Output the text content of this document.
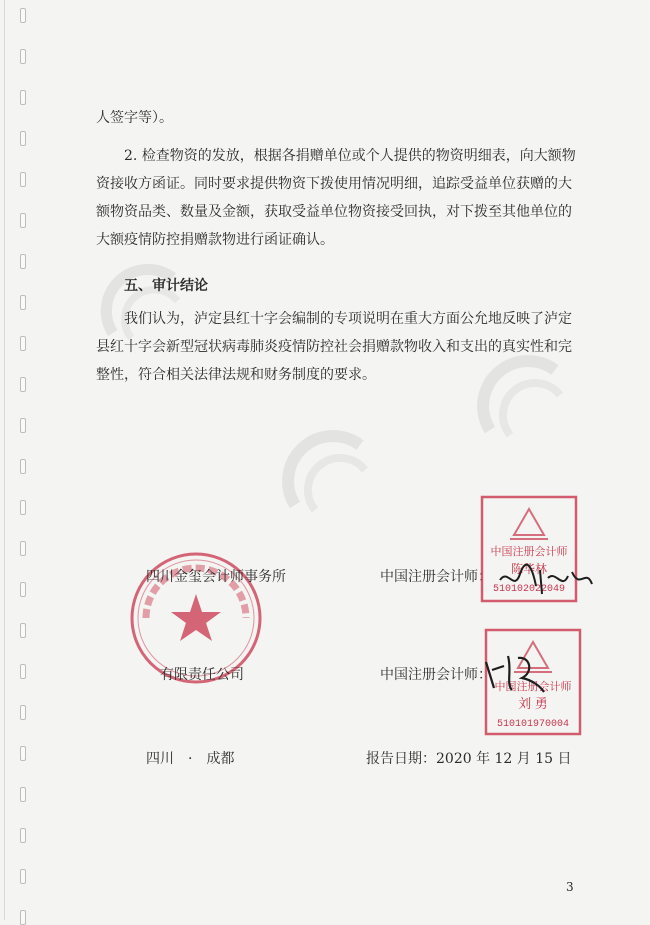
人签字等）。

2. 检查物资的发放，根据各捐赠单位或个人提供的物资明细表，向大额物资接收方函证。同时要求提供物资下拨使用情况明细，追踪受益单位获赠的大额物资品类、数量及金额，获取受益单位物资接受回执，对下拨至其他单位的大额疫情防控捐赠款物进行函证确认。

五、审计结论

我们认为，泸定县红十字会编制的专项说明在重大方面公允地反映了泸定县红十字会新型冠状病毒肺炎疫情防控社会捐赠款物收入和支出的真实性和完整性，符合相关法律法规和财务制度的要求。

四川金玺会计师事务所
有限责任公司
中国注册会计师：
中国注册会计师：
四川　·　成都	报告日期：2020 年 12 月 15 日
中国注册会计师
陈华林
510102022049
中国注册会计师
刘 勇
510101970004
3
